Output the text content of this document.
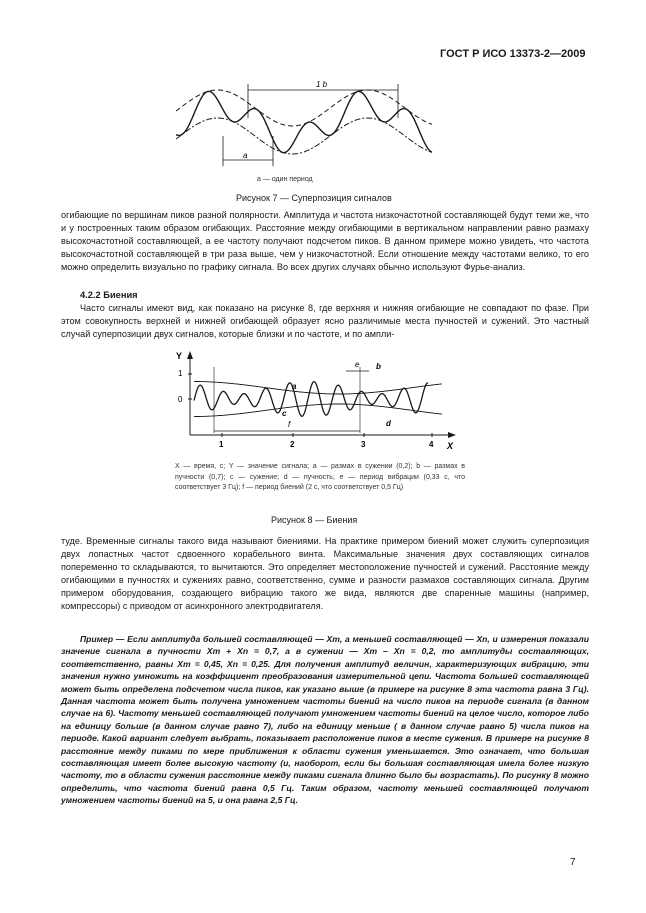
ГОСТ Р ИСО 13373-2—2009
1 b
a
a — один период
Рисунок 7 — Суперпозиция сигналов
огибающие по вершинам пиков разной полярности. Амплитуда и частота низкочастотной составляющей будут теми же, что и у построенных таким образом огибающих. Расстояние между огибающими в вертикальном направлении равно размаху высокочастотной составляющей, а ее частоту получают подсчетом пиков. В данном примере можно увидеть, что частота высокочастотной составляющей в три раза выше, чем у низкочастотной. Если отношение между частотами велико, то его можно определить визуально по графику сигнала. Во всех других случаях обычно используют Фурье-анализ.
4.2.2 Биения
Часто сигналы имеют вид, как показано на рисунке 8, где верхняя и нижняя огибающие не совпадают по фазе. При этом совокупность верхней и нижней огибающей образует ясно различимые места пучностей и сужений. Это частный случай суперпозиции двух сигналов, которые близки и по частоте, и по ампли-
Y
X
1
0
1	2	3	4
f
e
a
b
c
d
X — время, с; Y — значение сигнала; a — размах в сужении (0,2); b — размах в пучности (0,7); c — сужение; d — пучность; e — период вибрации (0,33 с, что соответствует 3 Гц); f — период биений (2 с, что соответствует 0,5 Гц)
Рисунок 8 — Биения
туде. Временные сигналы такого вида называют биениями. На практике примером биений может служить суперпозиция двух лопастных частот сдвоенного корабельного винта. Максимальные значения двух составляющих сигналов попеременно то складываются, то вычитаются. Это определяет местоположение пучностей и сужений. Расстояние между огибающими в пучностях и сужениях равно, соответственно, сумме и разности размахов составляющих сигнала. Другим примером оборудования, создающего вибрацию такого же вида, являются две спаренные машины (например, компрессоры) с приводом от асинхронного электродвигателя.
Пример — Если амплитуда большей составляющей — Xm, а меньшей составляющей — Xn, и измерения показали значение сигнала в пучности Xm + Xn = 0,7, а в сужении — Xm – Xn = 0,2, то амплитуды составляющих, соответственно, равны Xm = 0,45, Xn = 0,25. Для получения амплитуд величин, характеризующих вибрацию, эти значения нужно умножить на коэффициент преобразования измерительной цепи. Частота большей составляющей может быть определена подсчетом числа пиков, как указано выше (в примере на рисунке 8 эта частота равна 3 Гц). Данная частота может быть получена умножением частоты биений на число пиков на периоде сигнала (в данном случае на 6). Частоту меньшей составляющей получают умножением частоты биений на целое число, которое либо на единицу больше (в данном случае равно 7), либо на единицу меньше ( в данном случае равно 5) числа пиков на периоде. Какой вариант следует выбрать, показывает расположение пиков в месте сужения. В примере на рисунке 8 расстояние между пиками по мере приближения к области сужения уменьшается. Это означает, что большая составляющая имеет более высокую частоту (и, наоборот, если бы большая составляющая имела более низкую частоту, то в области сужения расстояние между пиками сигнала длинно было бы возрастать). По рисунку 8 можно определить, что частота биений равна 0,5 Гц. Таким образом, частоту меньшей составляющей получают умножением частоты биений на 5, и она равна 2,5 Гц.
7
